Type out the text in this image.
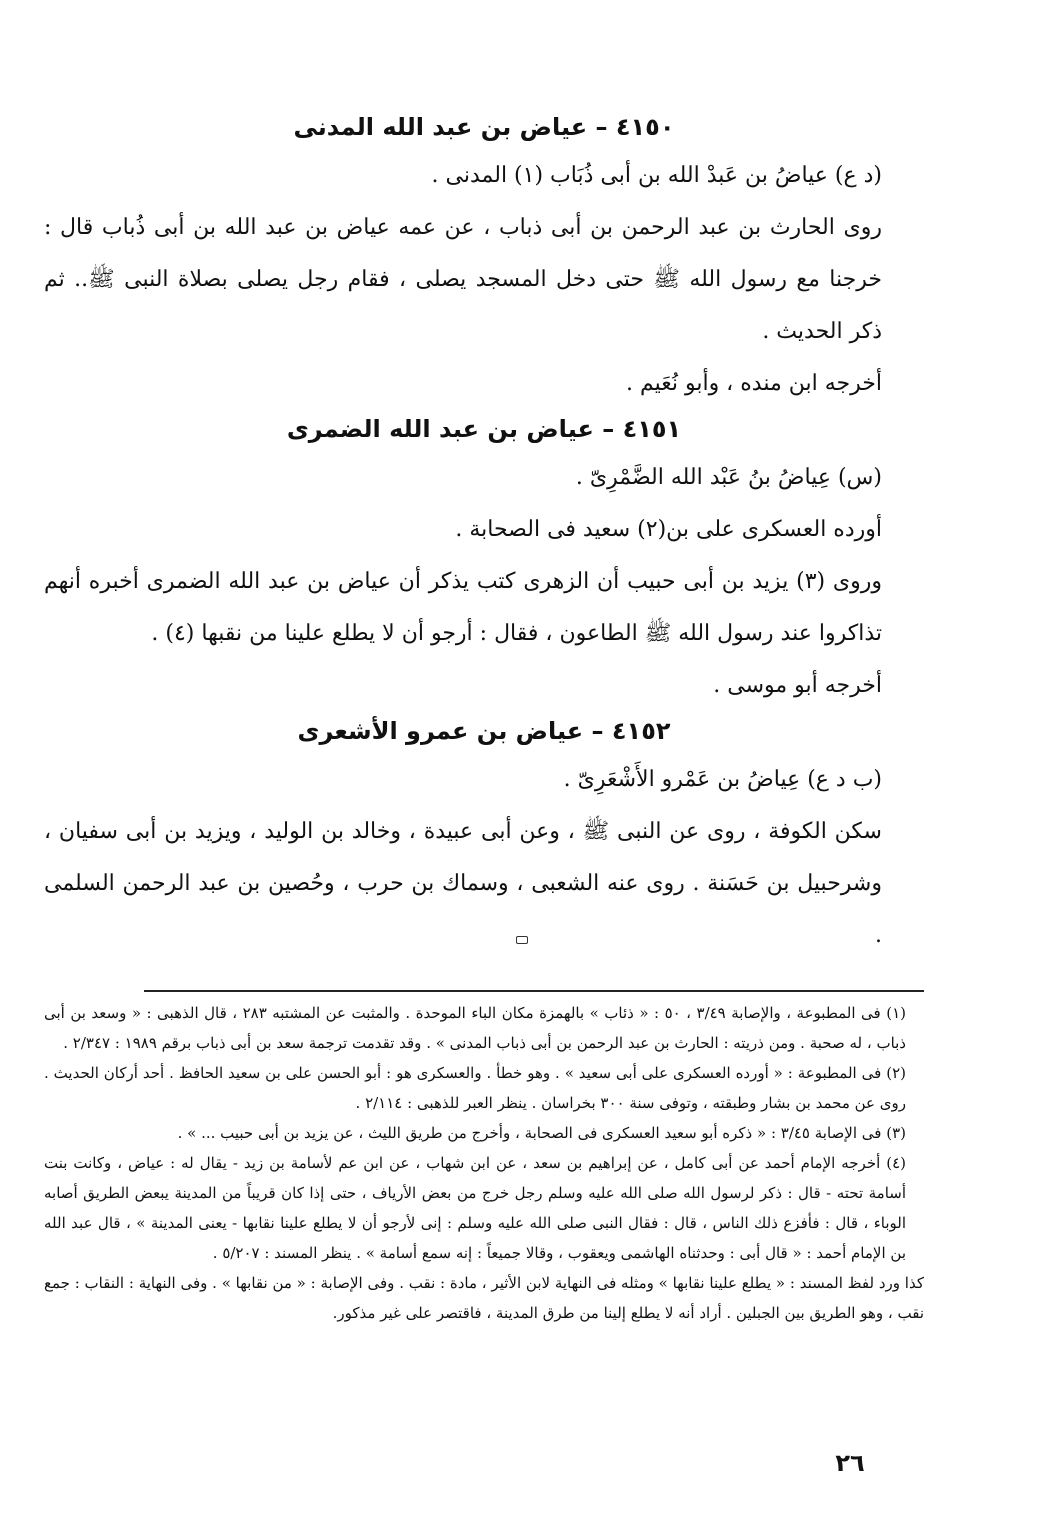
٤١٥٠ – عياض بن عبد الله المدنى

(د ع) عياضُ بن عَبدْ الله بن أبى ذُبَاب (١) المدنى .

روى الحارث بن عبد الرحمن بن أبى ذباب ، عن عمه عياض بن عبد الله بن أبى ذُباب قال : خرجنا مع رسول الله ﷺ حتى دخل المسجد يصلى ، فقام رجل يصلى بصلاة النبى ﷺ.. ثم ذكر الحديث .

أخرجه ابن منده ، وأبو نُعَيم .

٤١٥١ – عياض بن عبد الله الضمرى

(س) عِياضُ بنُ عَبْد الله الضَّمْرِىّ .

أورده العسكرى على بن(٢) سعيد فى الصحابة .

وروى (٣) يزيد بن أبى حبيب أن الزهرى كتب يذكر أن عياض بن عبد الله الضمرى أخبره أنهم تذاكروا عند رسول الله ﷺ الطاعون ، فقال : أرجو أن لا يطلع علينا من نقبها (٤) .

أخرجه أبو موسى .

٤١٥٢ – عياض بن عمرو الأشعرى

(ب د ع) عِياضُ بن عَمْرو الأَشْعَرِىّ .

سكن الكوفة ، روى عن النبى ﷺ ، وعن أبى عبيدة ، وخالد بن الوليد ، ويزيد بن أبى سفيان ، وشرحبيل بن حَسَنة . روى عنه الشعبى ، وسماك بن حرب ، وحُصين بن عبد الرحمن السلمى .

(١) فى المطبوعة ، والإصابة ٣/٤٩ ، ٥٠ : « ذئاب » بالهمزة مكان الباء الموحدة . والمثبت عن المشتبه ٢٨٣ ، قال الذهبى : « وسعد بن أبى ذباب ، له صحبة . ومن ذريته : الحارث بن عبد الرحمن بن أبى ذباب المدنى » . وقد تقدمت ترجمة سعد بن أبى ذباب برقم ١٩٨٩ : ٢/٣٤٧ .

(٢) فى المطبوعة : « أورده العسكرى على أبى سعيد » . وهو خطأ . والعسكرى هو : أبو الحسن على بن سعيد الحافظ . أحد أركان الحديث . روى عن محمد بن بشار وطبقته ، وتوفى سنة ٣٠٠ بخراسان . ينظر العبر للذهبى : ٢/١١٤ .

(٣) فى الإصابة ٣/٤٥ : « ذكره أبو سعيد العسكرى فى الصحابة ، وأخرج من طريق الليث ، عن يزيد بن أبى حبيب ... » .

(٤) أخرجه الإمام أحمد عن أبى كامل ، عن إبراهيم بن سعد ، عن ابن شهاب ، عن ابن عم لأسامة بن زيد - يقال له : عياض ، وكانت بنت أسامة تحته - قال : ذكر لرسول الله صلى الله عليه وسلم رجل خرج من بعض الأرياف ، حتى إذا كان قريباً من المدينة يبعض الطريق أصابه الوباء ، قال : فأفزع ذلك الناس ، قال : فقال النبى صلى الله عليه وسلم : إنى لأرجو أن لا يطلع علينا نقابها - يعنى المدينة » ، قال عبد الله بن الإمام أحمد : « قال أبى : وحدثناه الهاشمى ويعقوب ، وقالا جميعاً : إنه سمع أسامة » . ينظر المسند : ٥/٢٠٧ .

كذا ورد لفظ المسند : « يطلع علينا نقابها » ومثله فى النهاية لابن الأثير ، مادة : نقب . وفى الإصابة : « من نقابها » . وفى النهاية : النقاب : جمع نقب ، وهو الطريق بين الجبلين . أراد أنه لا يطلع إلينا من طرق المدينة ، فاقتصر على غير مذكور.

٢٦
